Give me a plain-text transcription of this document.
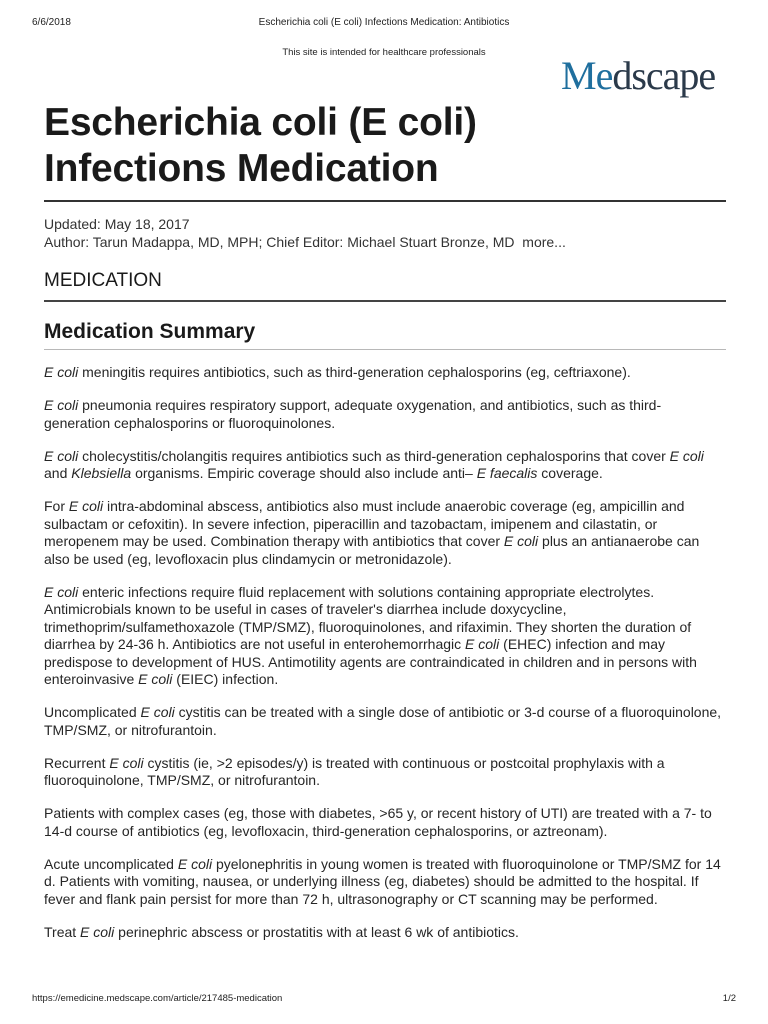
6/6/2018	Escherichia coli (E coli) Infections Medication: Antibiotics
This site is intended for healthcare professionals
Medscape
Escherichia coli (E coli)
Infections Medication
Updated: May 18, 2017
Author: Tarun Madappa, MD, MPH; Chief Editor: Michael Stuart Bronze, MD more...
MEDICATION
Medication Summary

E coli meningitis requires antibiotics, such as third-generation cephalosporins (eg, ceftriaxone).

E coli pneumonia requires respiratory support, adequate oxygenation, and antibiotics, such as third-generation cephalosporins or fluoroquinolones.

E coli cholecystitis/cholangitis requires antibiotics such as third-generation cephalosporins that cover E coli and Klebsiella organisms. Empiric coverage should also include anti– E faecalis coverage.

For E coli intra-abdominal abscess, antibiotics also must include anaerobic coverage (eg, ampicillin and sulbactam or cefoxitin). In severe infection, piperacillin and tazobactam, imipenem and cilastatin, or meropenem may be used. Combination therapy with antibiotics that cover E coli plus an antianaerobe can also be used (eg, levofloxacin plus clindamycin or metronidazole).

E coli enteric infections require fluid replacement with solutions containing appropriate electrolytes. Antimicrobials known to be useful in cases of traveler's diarrhea include doxycycline, trimethoprim/sulfamethoxazole (TMP/SMZ), fluoroquinolones, and rifaximin. They shorten the duration of diarrhea by 24-36 h. Antibiotics are not useful in enterohemorrhagic E coli (EHEC) infection and may predispose to development of HUS. Antimotility agents are contraindicated in children and in persons with enteroinvasive E coli (EIEC) infection.

Uncomplicated E coli cystitis can be treated with a single dose of antibiotic or 3-d course of a fluoroquinolone, TMP/SMZ, or nitrofurantoin.

Recurrent E coli cystitis (ie, >2 episodes/y) is treated with continuous or postcoital prophylaxis with a fluoroquinolone, TMP/SMZ, or nitrofurantoin.

Patients with complex cases (eg, those with diabetes, >65 y, or recent history of UTI) are treated with a 7- to 14-d course of antibiotics (eg, levofloxacin, third-generation cephalosporins, or aztreonam).

Acute uncomplicated E coli pyelonephritis in young women is treated with fluoroquinolone or TMP/SMZ for 14 d. Patients with vomiting, nausea, or underlying illness (eg, diabetes) should be admitted to the hospital. If fever and flank pain persist for more than 72 h, ultrasonography or CT scanning may be performed.

Treat E coli perinephric abscess or prostatitis with at least 6 wk of antibiotics.

https://emedicine.medscape.com/article/217485-medication	1/2
